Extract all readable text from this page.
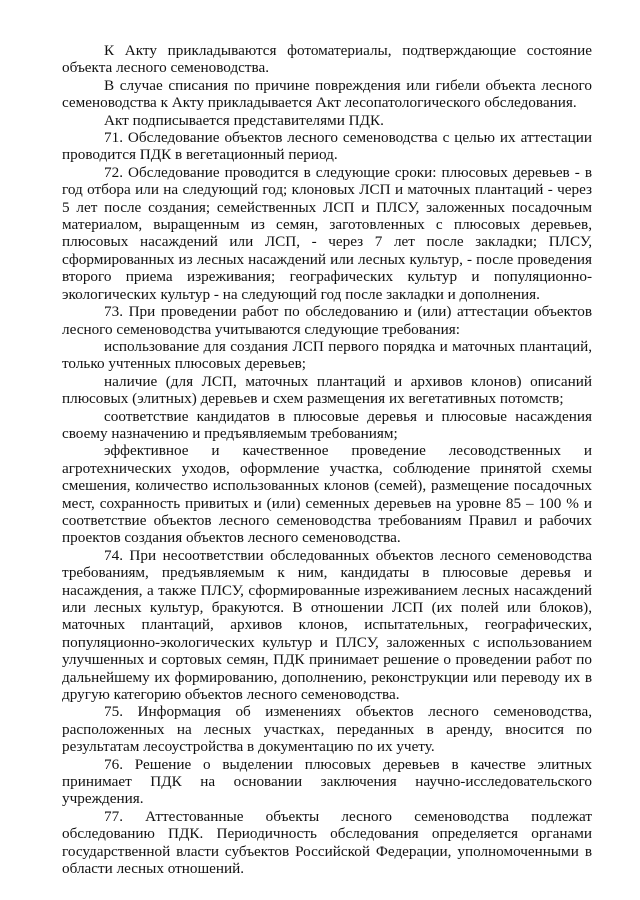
К Акту прикладываются фотоматериалы, подтверждающие состояние объекта лесного семеноводства.

В случае списания по причине повреждения или гибели объекта лесного семеноводства к Акту прикладывается Акт лесопатологического обследования.

Акт подписывается представителями ПДК.

71. Обследование объектов лесного семеноводства с целью их аттестации проводится ПДК в вегетационный период.

72. Обследование проводится в следующие сроки: плюсовых деревьев - в год отбора или на следующий год; клоновых ЛСП и маточных плантаций - через 5 лет после создания; семейственных ЛСП и ПЛСУ, заложенных посадочным материалом, выращенным из семян, заготовленных с плюсовых деревьев, плюсовых насаждений или ЛСП, - через 7 лет после закладки; ПЛСУ, сформированных из лесных насаждений или лесных культур, - после проведения второго приема изреживания; географических культур и популяционно-экологических культур - на следующий год после закладки и дополнения.

73. При проведении работ по обследованию и (или) аттестации объектов лесного семеноводства учитываются следующие требования:

использование для создания ЛСП первого порядка и маточных плантаций, только учтенных плюсовых деревьев;

наличие (для ЛСП, маточных плантаций и архивов клонов) описаний плюсовых (элитных) деревьев и схем размещения их вегетативных потомств;

соответствие кандидатов в плюсовые деревья и плюсовые насаждения своему назначению и предъявляемым требованиям;

эффективное и качественное проведение лесоводственных и агротехнических уходов, оформление участка, соблюдение принятой схемы смешения, количество использованных клонов (семей), размещение посадочных мест, сохранность привитых и (или) семенных деревьев на уровне 85 – 100 % и соответствие объектов лесного семеноводства требованиям Правил и рабочих проектов создания объектов лесного семеноводства.

74. При несоответствии обследованных объектов лесного семеноводства требованиям, предъявляемым к ним, кандидаты в плюсовые деревья и насаждения, а также ПЛСУ, сформированные изреживанием лесных насаждений или лесных культур, бракуются. В отношении ЛСП (их полей или блоков), маточных плантаций, архивов клонов, испытательных, географических, популяционно-экологических культур и ПЛСУ, заложенных с использованием улучшенных и сортовых семян, ПДК принимает решение о проведении работ по дальнейшему их формированию, дополнению, реконструкции или переводу их в другую категорию объектов лесного семеноводства.

75. Информация об изменениях объектов лесного семеноводства, расположенных на лесных участках, переданных в аренду, вносится по результатам лесоустройства в документацию по их учету.

76. Решение о выделении плюсовых деревьев в качестве элитных принимает ПДК на основании заключения научно-исследовательского учреждения.

77. Аттестованные объекты лесного семеноводства подлежат обследованию ПДК. Периодичность обследования определяется органами государственной власти субъектов Российской Федерации, уполномоченными в области лесных отношений.
